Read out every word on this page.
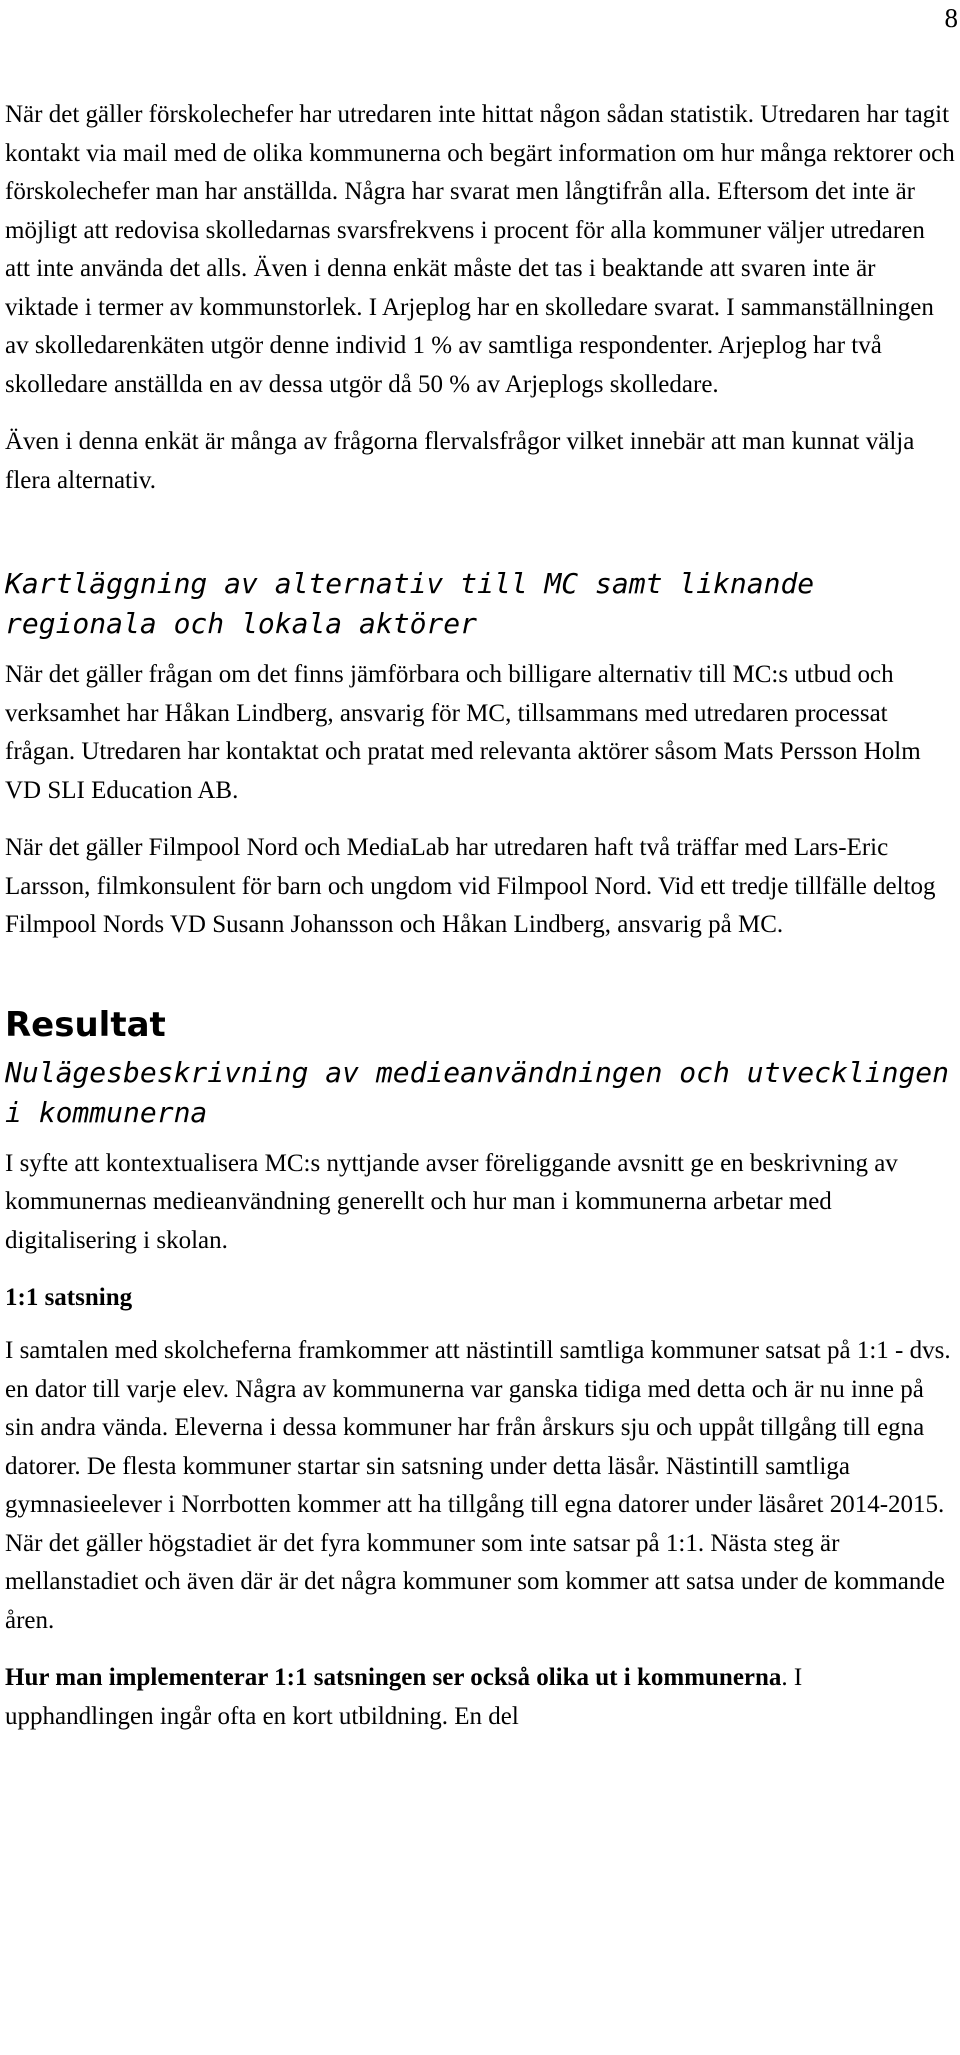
8

När det gäller förskolechefer har utredaren inte hittat någon sådan statistik. Utredaren har tagit kontakt via mail med de olika kommunerna och begärt information om hur många rektorer och förskolechefer man har anställda. Några har svarat men långtifrån alla. Eftersom det inte är möjligt att redovisa skolledarnas svarsfrekvens i procent för alla kommuner väljer utredaren att inte använda det alls. Även i denna enkät måste det tas i beaktande att svaren inte är viktade i termer av kommunstorlek. I Arjeplog har en skolledare svarat. I sammanställningen av skolledarenkäten utgör denne individ 1 % av samtliga respondenter. Arjeplog har två skolledare anställda en av dessa utgör då 50 % av Arjeplogs skolledare.

Även i denna enkät är många av frågorna flervalsfrågor vilket innebär att man kunnat välja flera alternativ.

Kartläggning av alternativ till MC samt liknande regionala och lokala aktörer

När det gäller frågan om det finns jämförbara och billigare alternativ till MC:s utbud och verksamhet har Håkan Lindberg, ansvarig för MC, tillsammans med utredaren processat frågan. Utredaren har kontaktat och pratat med relevanta aktörer såsom Mats Persson Holm VD SLI Education AB.

När det gäller Filmpool Nord och MediaLab har utredaren haft två träffar med Lars-Eric Larsson, filmkonsulent för barn och ungdom vid Filmpool Nord. Vid ett tredje tillfälle deltog Filmpool Nords VD Susann Johansson och Håkan Lindberg, ansvarig på MC.

Resultat
Nulägesbeskrivning av medieanvändningen och utvecklingen i kommunerna

I syfte att kontextualisera MC:s nyttjande avser föreliggande avsnitt ge en beskrivning av kommunernas medieanvändning generellt och hur man i kommunerna arbetar med digitalisering i skolan.

1:1 satsning

I samtalen med skolcheferna framkommer att nästintill samtliga kommuner satsat på 1:1 - dvs. en dator till varje elev. Några av kommunerna var ganska tidiga med detta och är nu inne på sin andra vända. Eleverna i dessa kommuner har från årskurs sju och uppåt tillgång till egna datorer. De flesta kommuner startar sin satsning under detta läsår. Nästintill samtliga gymnasieelever i Norrbotten kommer att ha tillgång till egna datorer under läsåret 2014-2015. När det gäller högstadiet är det fyra kommuner som inte satsar på 1:1. Nästa steg är mellanstadiet och även där är det några kommuner som kommer att satsa under de kommande åren.

Hur man implementerar 1:1 satsningen ser också olika ut i kommunerna. I upphandlingen ingår ofta en kort utbildning. En del
